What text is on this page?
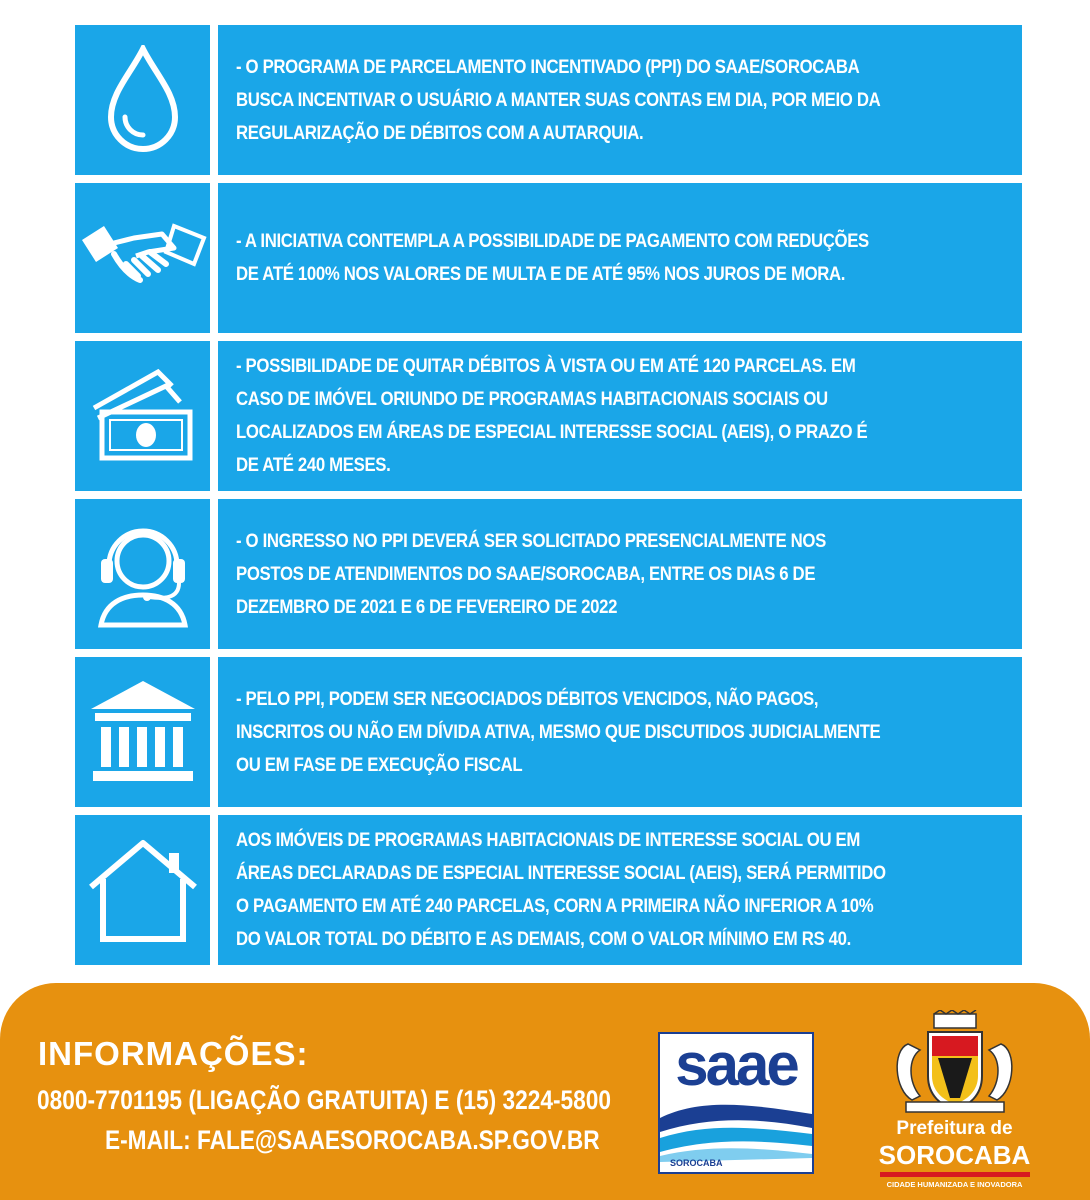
- O PROGRAMA DE PARCELAMENTO INCENTIVADO (PPI) DO SAAE/SOROCABA BUSCA INCENTIVAR O USUÁRIO A MANTER SUAS CONTAS EM DIA, POR MEIO DA REGULARIZAÇÃO DE DÉBITOS COM A AUTARQUIA.

- A INICIATIVA CONTEMPLA A POSSIBILIDADE DE PAGAMENTO COM REDUÇÕES DE ATÉ 100% NOS VALORES DE MULTA E DE ATÉ 95% NOS JUROS DE MORA.

- POSSIBILIDADE DE QUITAR DÉBITOS À VISTA OU EM ATÉ 120 PARCELAS. EM CASO DE IMÓVEL ORIUNDO DE PROGRAMAS HABITACIONAIS SOCIAIS OU LOCALIZADOS EM ÁREAS DE ESPECIAL INTERESSE SOCIAL (AEIS), O PRAZO É DE ATÉ 240 MESES.

- O INGRESSO NO PPI DEVERÁ SER SOLICITADO PRESENCIALMENTE NOS POSTOS DE ATENDIMENTOS DO SAAE/SOROCABA, ENTRE OS DIAS 6 DE DEZEMBRO DE 2021 E 6 DE FEVEREIRO DE 2022

- PELO PPI, PODEM SER NEGOCIADOS DÉBITOS VENCIDOS, NÃO PAGOS, INSCRITOS OU NÃO EM DÍVIDA ATIVA, MESMO QUE DISCUTIDOS JUDICIALMENTE OU EM FASE DE EXECUÇÃO FISCAL

AOS IMÓVEIS DE PROGRAMAS HABITACIONAIS DE INTERESSE SOCIAL OU EM ÁREAS DECLARADAS DE ESPECIAL INTERESSE SOCIAL (AEIS), SERÁ PERMITIDO O PAGAMENTO EM ATÉ 240 PARCELAS, CORN A PRIMEIRA NÃO INFERIOR A 10% DO VALOR TOTAL DO DÉBITO E AS DEMAIS, COM O VALOR MÍNIMO EM RS 40.

INFORMAÇÕES:
0800-7701195 (LIGAÇÃO GRATUITA) E (15) 3224-5800
E-MAIL: FALE@SAAESOROCABA.SP.GOV.BR
saae
SOROCABA
Prefeitura de
SOROCABA
CIDADE HUMANIZADA E INOVADORA
